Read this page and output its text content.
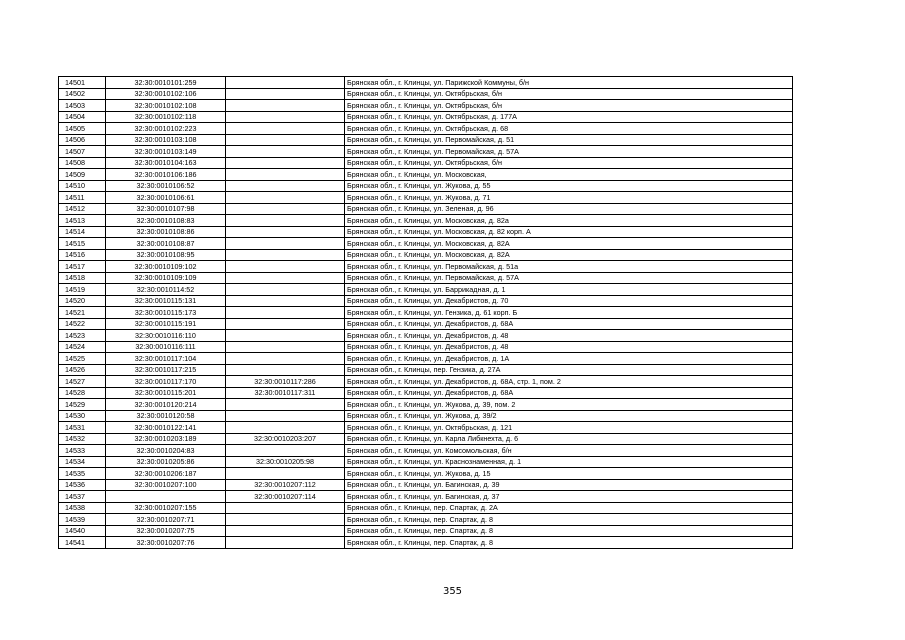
14501	32:30:0010101:259		Брянская обл., г. Клинцы, ул. Парижской Коммуны, б/н
14502	32:30:0010102:106		Брянская обл., г. Клинцы, ул. Октябрьская, б/н
14503	32:30:0010102:108		Брянская обл., г. Клинцы, ул. Октябрьская, б/н
14504	32:30:0010102:118		Брянская обл., г. Клинцы, ул. Октябрьская, д. 177А
14505	32:30:0010102:223		Брянская обл., г. Клинцы, ул. Октябрьская, д. 68
14506	32:30:0010103:108		Брянская обл., г. Клинцы, ул. Первомайская, д. 51
14507	32:30:0010103:149		Брянская обл., г. Клинцы, ул. Первомайская, д. 57А
14508	32:30:0010104:163		Брянская обл., г. Клинцы, ул. Октябрьская, б/н
14509	32:30:0010106:186		Брянская обл., г. Клинцы, ул. Московская,
14510	32:30:0010106:52		Брянская обл., г. Клинцы, ул. Жукова, д. 55
14511	32:30:0010106:61		Брянская обл., г. Клинцы, ул. Жукова, д. 71
14512	32:30:0010107:98		Брянская обл., г. Клинцы, ул. Зеленая, д. 96
14513	32:30:0010108:83		Брянская обл., г. Клинцы, ул. Московская, д. 82а
14514	32:30:0010108:86		Брянская обл., г. Клинцы, ул. Московская, д. 82 корп. А
14515	32:30:0010108:87		Брянская обл., г. Клинцы, ул. Московская, д. 82А
14516	32:30:0010108:95		Брянская обл., г. Клинцы, ул. Московская, д. 82А
14517	32:30:0010109:102		Брянская обл., г. Клинцы, ул. Первомайская, д. 51а
14518	32:30:0010109:109		Брянская обл., г. Клинцы, ул. Первомайская, д. 57А
14519	32:30:0010114:52		Брянская обл., г. Клинцы, ул. Баррикадная, д. 1
14520	32:30:0010115:131		Брянская обл., г. Клинцы, ул. Декабристов, д. 70
14521	32:30:0010115:173		Брянская обл., г. Клинцы, ул. Гензика, д. 61 корп. Б
14522	32:30:0010115:191		Брянская обл., г. Клинцы, ул. Декабристов, д. 68А
14523	32:30:0010116:110		Брянская обл., г. Клинцы, ул. Декабристов, д. 48
14524	32:30:0010116:111		Брянская обл., г. Клинцы, ул. Декабристов, д. 48
14525	32:30:0010117:104		Брянская обл., г. Клинцы, ул. Декабристов, д. 1А
14526	32:30:0010117:215		Брянская обл., г. Клинцы, пер. Гензика, д. 27А
14527	32:30:0010117:170	32:30:0010117:286	Брянская обл., г. Клинцы, ул. Декабристов, д. 68А, стр. 1, пом. 2
14528	32:30:0010115:201	32:30:0010117:311	Брянская обл., г. Клинцы, ул. Декабристов, д. 68А
14529	32:30:0010120:214		Брянская обл., г. Клинцы, ул. Жукова, д. 39, пом. 2
14530	32:30:0010120:58		Брянская обл., г. Клинцы, ул. Жукова, д. 39/2
14531	32:30:0010122:141		Брянская обл., г. Клинцы, ул. Октябрьская, д. 121
14532	32:30:0010203:189	32:30:0010203:207	Брянская обл., г. Клинцы, ул. Карла Либкнехта, д. 6
14533	32:30:0010204:83		Брянская обл., г. Клинцы, ул. Комсомольская, б/н
14534	32:30:0010205:86	32:30:0010205:98	Брянская обл., г. Клинцы, ул. Краснознаменная, д. 1
14535	32:30:0010206:187		Брянская обл., г. Клинцы, ул. Жукова, д. 15
14536	32:30:0010207:100	32:30:0010207:112	Брянская обл., г. Клинцы, ул. Багинская, д. 39
14537		32:30:0010207:114	Брянская обл., г. Клинцы, ул. Багинская, д. 37
14538	32:30:0010207:155		Брянская обл., г. Клинцы, пер. Спартак, д. 2А
14539	32:30:0010207:71		Брянская обл., г. Клинцы, пер. Спартак, д. 8
14540	32:30:0010207:75		Брянская обл., г. Клинцы, пер. Спартак, д. 8
14541	32:30:0010207:76		Брянская обл., г. Клинцы, пер. Спартак, д. 8
355
